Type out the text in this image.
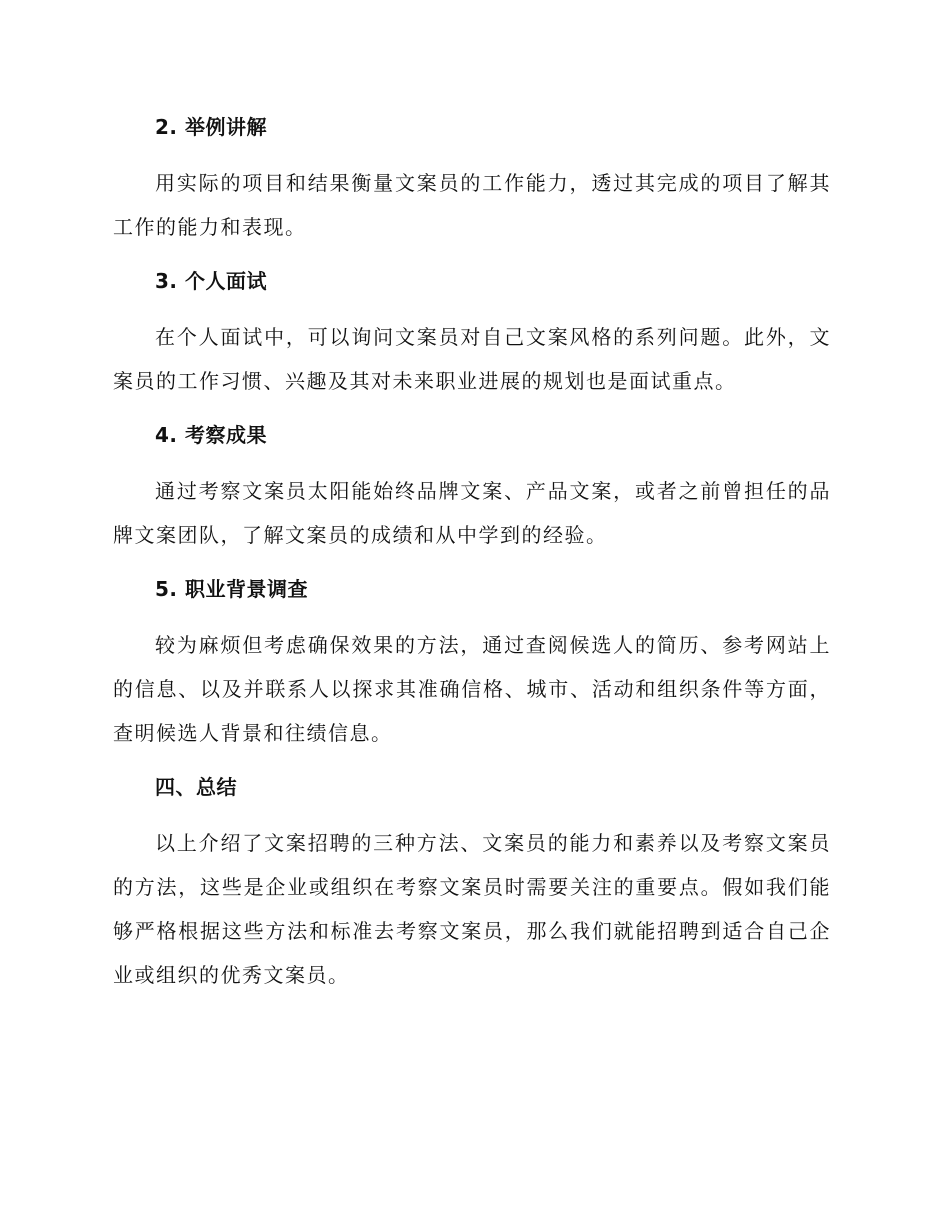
2. 举例讲解

用实际的项目和结果衡量文案员的工作能力，透过其完成的项目了解其工作的能力和表现。

3. 个人面试

在个人面试中，可以询问文案员对自己文案风格的系列问题。此外，文案员的工作习惯、兴趣及其对未来职业进展的规划也是面试重点。

4. 考察成果

通过考察文案员太阳能始终品牌文案、产品文案，或者之前曾担任的品牌文案团队，了解文案员的成绩和从中学到的经验。

5. 职业背景调查

较为麻烦但考虑确保效果的方法，通过查阅候选人的简历、参考网站上的信息、以及并联系人以探求其准确信格、城市、活动和组织条件等方面，查明候选人背景和往绩信息。

四、总结

以上介绍了文案招聘的三种方法、文案员的能力和素养以及考察文案员的方法，这些是企业或组织在考察文案员时需要关注的重要点。假如我们能够严格根据这些方法和标准去考察文案员，那么我们就能招聘到适合自己企业或组织的优秀文案员。
